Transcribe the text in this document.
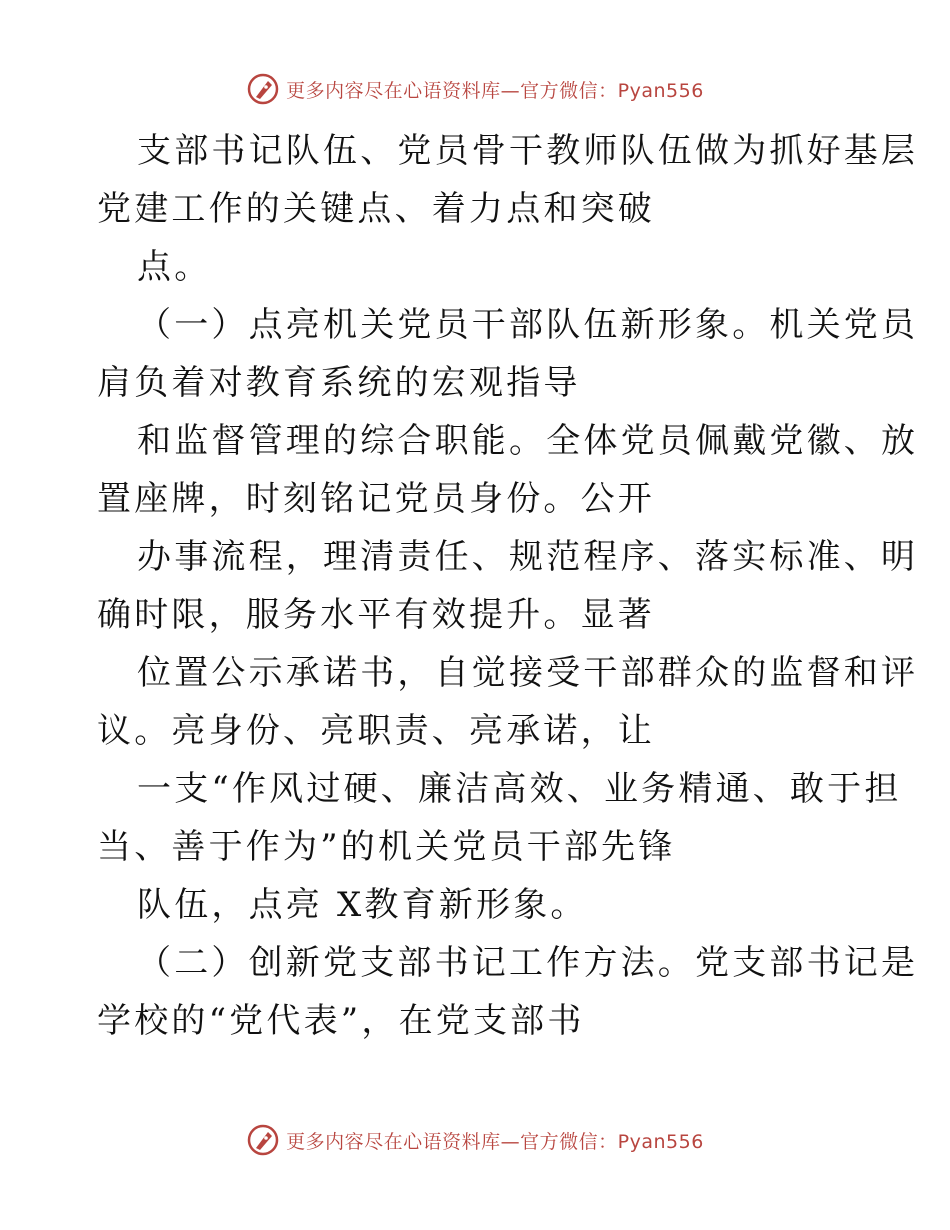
更多内容尽在心语资料库—官方微信：Pyan556
支部书记队伍、党员骨干教师队伍做为抓好基层
党建工作的关键点、着力点和突破
点。
（一）点亮机关党员干部队伍新形象。机关党员
肩负着对教育系统的宏观指导
和监督管理的综合职能。全体党员佩戴党徽、放
置座牌，时刻铭记党员身份。公开
办事流程，理清责任、规范程序、落实标准、明
确时限，服务水平有效提升。显著
位置公示承诺书，自觉接受干部群众的监督和评
议。亮身份、亮职责、亮承诺，让
一支“作风过硬、廉洁高效、业务精通、敢于担
当、善于作为”的机关党员干部先锋
队伍，点亮 X教育新形象。
（二）创新党支部书记工作方法。党支部书记是
学校的“党代表”，在党支部书
更多内容尽在心语资料库—官方微信：Pyan556
